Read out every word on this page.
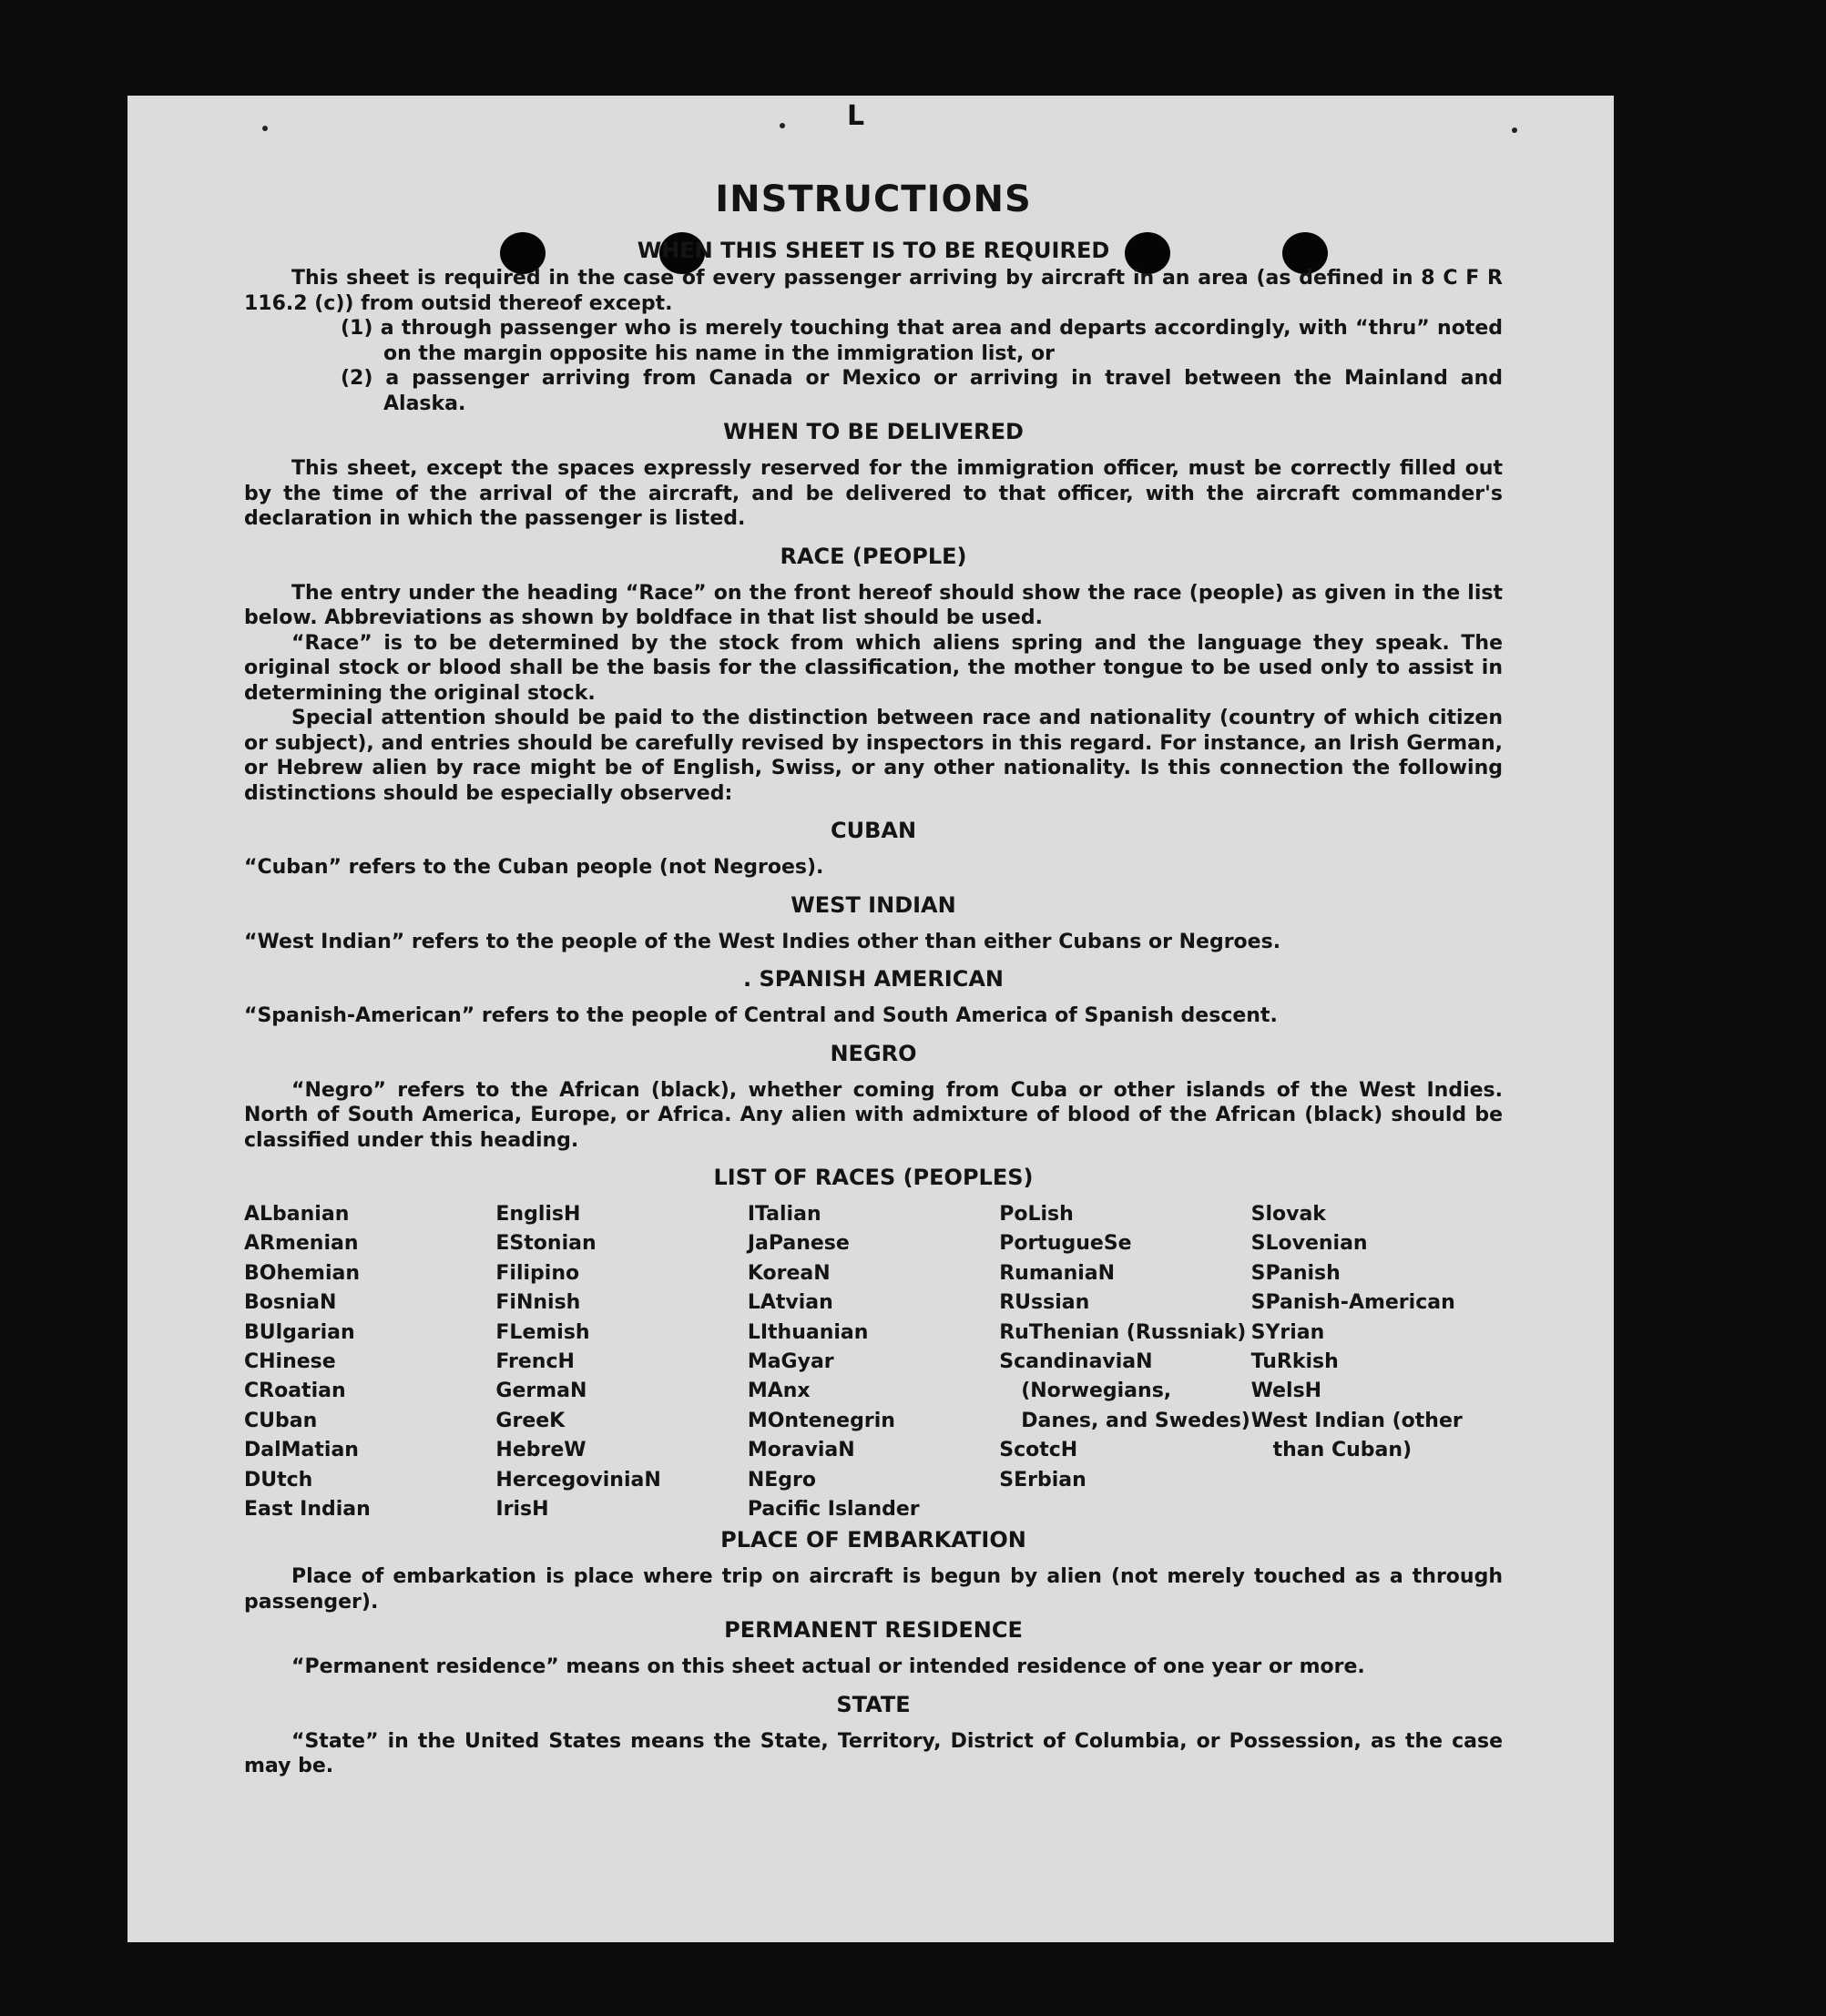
L
INSTRUCTIONS
WHEN THIS SHEET IS TO BE REQUIRED

This sheet is required in the case of every passenger arriving by aircraft in an area (as defined in 8 C F R 116.2 (c)) from outsid thereof except.

(1) a through passenger who is merely touching that area and departs accordingly, with “thru” noted on the margin opposite his name in the immigration list, or

(2) a passenger arriving from Canada or Mexico or arriving in travel between the Mainland and Alaska.

WHEN TO BE DELIVERED

This sheet, except the spaces expressly reserved for the immigration officer, must be correctly filled out by the time of the arrival of the aircraft, and be delivered to that officer, with the aircraft commander's declaration in which the passenger is listed.

RACE (PEOPLE)

The entry under the heading “Race” on the front hereof should show the race (people) as given in the list below. Abbreviations as shown by boldface in that list should be used.

“Race” is to be determined by the stock from which aliens spring and the language they speak. The original stock or blood shall be the basis for the classification, the mother tongue to be used only to assist in determining the original stock.

Special attention should be paid to the distinction between race and nationality (country of which citizen or subject), and entries should be carefully revised by inspectors in this regard. For instance, an Irish German, or Hebrew alien by race might be of English, Swiss, or any other nationality. Is this connection the following distinctions should be especially observed:

CUBAN

“Cuban” refers to the Cuban people (not Negroes).

WEST INDIAN

“West Indian” refers to the people of the West Indies other than either Cubans or Negroes.

. SPANISH AMERICAN

“Spanish-American” refers to the people of Central and South America of Spanish descent.

NEGRO

“Negro” refers to the African (black), whether coming from Cuba or other islands of the West Indies. North of South America, Europe, or Africa. Any alien with admixture of blood of the African (black) should be classified under this heading.

LIST OF RACES (PEOPLES)
ALbanian
ARmenian
BOhemian
BosniaN
BUlgarian
CHinese
CRoatian
CUban
DalMatian
DUtch
East Indian
EnglisH
EStonian
Filipino
FiNnish
FLemish
FrencH
GermaN
GreeK
HebreW
HercegoviniaN
IrisH
ITalian
JaPanese
KoreaN
LAtvian
LIthuanian
MaGyar
MAnx
MOntenegrin
MoraviaN
NEgro
Pacific Islander
PoLish
PortugueSe
RumaniaN
RUssian
RuThenian (Russniak)
ScandinaviaN (Norwegians, Danes, and Swedes)
ScotcH
SErbian
Slovak
SLovenian
SPanish
SPanish-American
SYrian
TuRkish
WelsH
West Indian (other than Cuban)
PLACE OF EMBARKATION

Place of embarkation is place where trip on aircraft is begun by alien (not merely touched as a through passenger).

PERMANENT RESIDENCE

“Permanent residence” means on this sheet actual or intended residence of one year or more.

STATE

“State” in the United States means the State, Territory, District of Columbia, or Possession, as the case may be.
